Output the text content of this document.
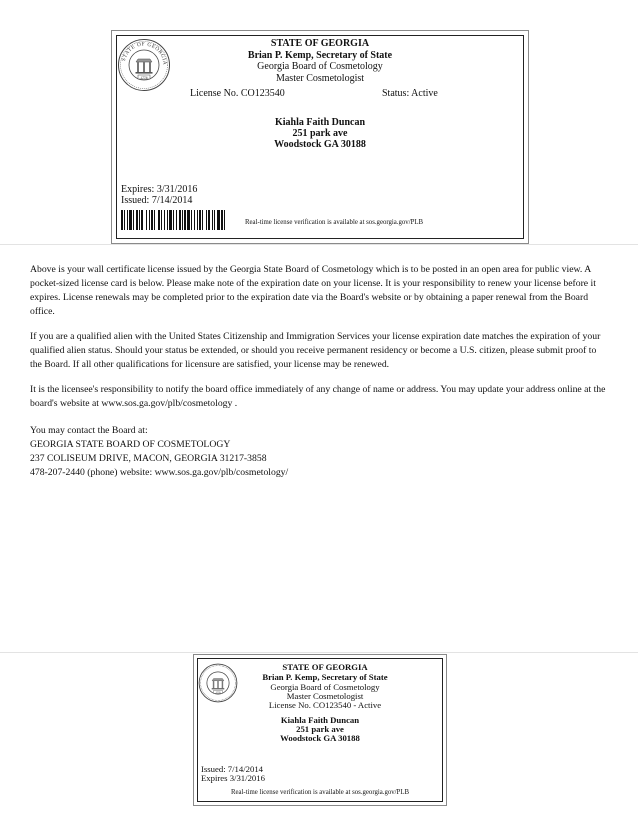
STATE OF GEORGIA
1776
STATE OF GEORGIA
Brian P. Kemp, Secretary of State
Georgia Board of Cosmetology
Master Cosmetologist
License No. CO123540	Status: Active
Kiahla Faith Duncan
251 park ave
Woodstock GA 30188
Expires: 3/31/2016
Issued: 7/14/2014
Real-time license verification is available at sos.georgia.gov/PLB

Above is your wall certificate license issued by the Georgia State Board of Cosmetology which is to be posted in an open area for public view. A pocket-sized license card is below. Please make note of the expiration date on your license. It is your responsibility to renew your license before it expires. License renewals may be completed prior to the expiration date via the Board's website or by obtaining a paper renewal from the Board office.

If you are a qualified alien with the United States Citizenship and Immigration Services your license expiration date matches the expiration of your qualified alien status. Should your status be extended, or should you receive permanent residency or become a U.S. citizen, please submit proof to the Board. If all other qualifications for licensure are satisfied, your license may be renewed.

It is the licensee's responsibility to notify the board office immediately of any change of name or address. You may update your address online at the board's website at www.sos.ga.gov/plb/cosmetology .

You may contact the Board at:
GEORGIA STATE BOARD OF COSMETOLOGY
237 COLISEUM DRIVE, MACON, GEORGIA 31217-3858
478-207-2440 (phone) website: www.sos.ga.gov/plb/cosmetology/
1776
STATE OF GEORGIA
Brian P. Kemp, Secretary of State
Georgia Board of Cosmetology
Master Cosmetologist
License No. CO123540 - Active
Kiahla Faith Duncan
251 park ave
Woodstock GA 30188
Issued: 7/14/2014
Expires 3/31/2016
Real-time license verification is available at sos.georgia.gov/PLB
